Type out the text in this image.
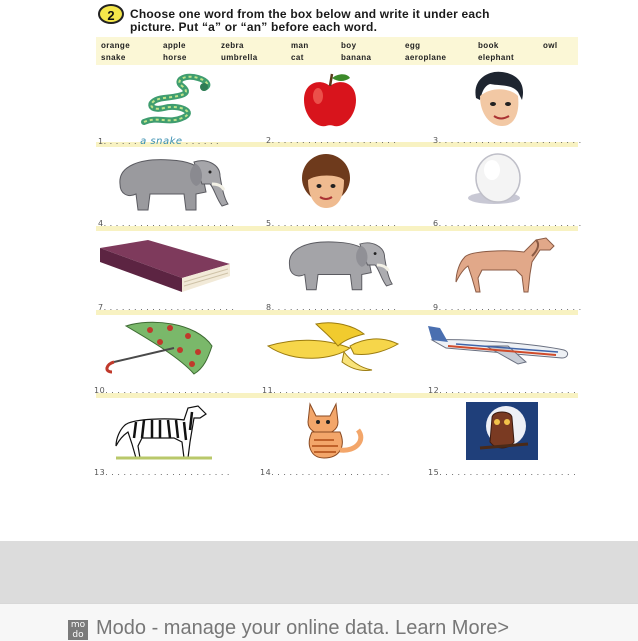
2	Choose one word from the box below and write it under each
picture. Put “a” or “an” before each word.
orange	apple	zebra	man	boy	egg	book	owl
snake	horse	umbrella	cat	banana	aeroplane	elephant
1. . . . . . a snake . . . . . .	2. . . . . . . . . . . . . . . . . . . . .	3. . . . . . . . . . . . . . . . . . . . . . . .
4. . . . . . . . . . . . . . . . . . . . . .	5. . . . . . . . . . . . . . . . . . . . .	6. . . . . . . . . . . . . . . . . . . . . . . .
7. . . . . . . . . . . . . . . . . . . . . .	8. . . . . . . . . . . . . . . . . . . . .	9. . . . . . . . . . . . . . . . . . . . . . . .
10. . . . . . . . . . . . . . . . . . . . .	11. . . . . . . . . . . . . . . . . . . .	12. . . . . . . . . . . . . . . . . . . . . . .
13. . . . . . . . . . . . . . . . . . . . .	14. . . . . . . . . . . . . . . . . . . .	15. . . . . . . . . . . . . . . . . . . . . . .
mo do Modo - manage your online data. Learn More>
